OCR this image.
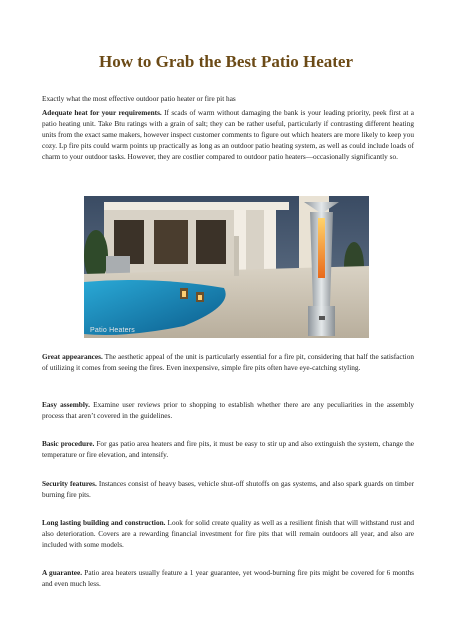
How to Grab the Best Patio Heater

Exactly what the most effective outdoor patio heater or fire pit has

Adequate heat for your requirements. If scads of warm without damaging the bank is your leading priority, peek first at a patio heating unit. Take Btu ratings with a grain of salt; they can be rather useful, particularly if contrasting different heating units from the exact same makers, however inspect customer comments to figure out which heaters are more likely to keep you cozy. Lp fire pits could warm points up practically as long as an outdoor patio heating system, as well as could include loads of charm to your outdoor tasks. However, they are costlier compared to outdoor patio heaters—occasionally significantly so.

Patio Heaters

Great appearances. The aesthetic appeal of the unit is particularly essential for a fire pit, considering that half the satisfaction of utilizing it comes from seeing the fires. Even inexpensive, simple fire pits often have eye-catching styling.

Easy assembly. Examine user reviews prior to shopping to establish whether there are any peculiarities in the assembly process that aren’t covered in the guidelines.

Basic procedure. For gas patio area heaters and fire pits, it must be easy to stir up and also extinguish the system, change the temperature or fire elevation, and intensify.

Security features. Instances consist of heavy bases, vehicle shut-off shutoffs on gas systems, and also spark guards on timber burning fire pits.

Long lasting building and construction. Look for solid create quality as well as a resilient finish that will withstand rust and also deterioration. Covers are a rewarding financial investment for fire pits that will remain outdoors all year, and also are included with some models.

A guarantee. Patio area heaters usually feature a 1 year guarantee, yet wood-burning fire pits might be covered for 6 months and even much less.
